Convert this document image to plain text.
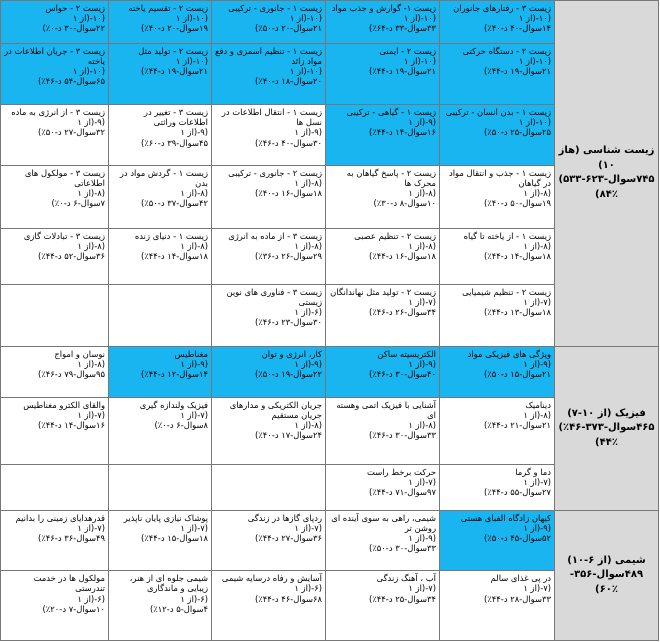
زیست شناسی (هاز ۱۰)
۷۴۵سوال-۶۲۳-۵۳۳)
۸۴٪)	زیست ۳ - رفتارهای جانوران
(۱۰-(از ۱
۱۴سوال-۴۰ د-۴۰٪)	زیست ۱- گوارش و جذب مواد
(۱۰-(از ۱
۳۳سوال-۳۳ د-۶۴٪)	زیست ۱ - جانوری - ترکیبی
(۱۰-(از ۱
۲۱سوال-۲۰ د-۵۰٪)	زیست ۲ - تقسیم یاخته
(۱۰-(از ۱
۱۹سوال-۲۰ د-۴۰٪)	زیست ۲ - حواس
(۱۰-(از ۱
۲۲سوال-۳۰ د-۰٪)

	زیست ۲ - دستگاه حرکتی
(۱۰-(از ۱
۲۱سوال-۱۹ د-۴۴٪)	زیست ۲ - ایمنی
(۱۰-(از ۱
۲۱سوال-۱۹ د-۴۴٪)	زیست ۱ - تنظیم اسمزی و دفع مواد زائد
(۱۰-(از ۱
۲۰سوال-۱۸ د-۴۰٪)	زیست ۲ - تولید مثل
(۱۰-(از ۱
۲۱سوال-۱۹ د-۴۴٪)	زیست ۳ - جریان اطلاعات در یاخته
(۱۰-(از ۱
۶۵سوال-۵۴ د-۴۶٪)

	زیست ۱ - بدن انسان - ترکیبی
(۱۰-(از ۱
۲۵سوال-۲۵ د-۵۰٪)	زیست ۱ - گیاهی - ترکیبی
(۹-(از ۱
۱۶سوال-۱۴ د-۴۴٪)	زیست ۱ - انتقال اطلاعات در نسل ها
(۹-(از ۱
۳۰سوال-۴۰ د-۴۶٪)	زیست ۳ - تغییر در اطلاعات وراثتی
(۹-(از ۱
۴۵سوال-۳۹ د-۶۰٪)	زیست ۳ - از انرژی به ماده
(۹-(از ۱
۳۲سوال-۲۷ د-۵۰٪)

	زیست ۱ - جذب و انتقال مواد در گیاهان
(۸-(از ۱
۱۹سوال-۵۰ د-۴۰٪)	زیست ۲ - پاسخ گیاهان به محرک ها
(۸-(از ۱
۱۰سوال-۸ د-۳۰٪)	زیست ۲ - جانوری - ترکیبی
(۸-(از ۱
۱۸سوال-۱۶ د-۴۰٪)	زیست ۱ - گردش مواد در بدن
(۸-(از ۱
۴۲سوال-۳۷ د-۵۰٪)	زیست ۳ - مولکول های اطلاعاتی
(۸-(از ۱
۷سوال-۶ د-۰٪)

	زیست ۱ - از یاخته تا گیاه
(۸-(از ۱
۱۸سوال-۱۴ د-۴۴٪)	زیست ۲ - تنظیم عصبی
(۸-(از ۱
۱۸سوال-۱۶ د-۴۴٪)	زیست ۳ - از ماده به انرژی
(۸-(از ۱
۲۹سوال-۲۶ د-۳۶٪)	زیست ۱ - دنیای زنده
(۸-(از ۱
۱۸سوال-۱۴ د-۴۴٪)	زیست ۳ - تبادلات گازی
(۸-(از ۱
۳۶سوال-۵۲ د-۴۴٪)

	زیست ۲ - تنظیم شیمیایی
(۷-(از ۱
۱۸سوال-۱۳ د-۴۴٪)	زیست ۲ - تولید مثل نهاندانگان
(۷-(از ۱
۳۴سوال-۲۶ د-۴۶٪)	زیست ۳ - فناوری های نوین زیستی
(۶-(از ۱
۳۰سوال-۲۳ د-۴۶٪)		

فیزیک (از ۱۰-۷)
۴۶۵سوال-۳۷۳-۴۶٪)
۴۴٪)	ویژگی های فیزیکی مواد
(۹-(از ۱
۲۱سوال-۱۵ د-۵۰٪)	الکتریسیته ساکن
(۹-(از ۱
۴۰سوال-۳۰ د-۴۶٪)	کار، انرژی و توان
(۹-(از ۱
۲۲سوال-۱۹ د-۵۰٪)	مغناطیس
(۹-(از ۱
۱۴سوال-۱۲ د-۴۴٪)	نوسان و امواج
(۸-(از ۱
۹۵سوال-۷۹ د-۴۶٪)

	دینامیک
(۸-(از ۱
۲۱سوال-۲۱ د-۴۴٪)	آشنایی با فیزیک اتمی وهسته ای
(۸-(از ۱
۳۳سوال-۳۰ د-۴۶٪)	جریان الکتریکی و مدارهای جریان مستقیم
(۸-(از ۱
۲۴سوال-۱۷ د-۴۰٪)	فیزیک ولندازه گیری
(۷-(از ۱
۸سوال-۶ د-۰٪)	والقای الکترو مغناطیس
(۷-(از ۱
۱۶سوال-۱۴ د-۴۴٪)

	دما و گرما
(۷-(از ۱
۲۷سوال-۵۵ د-۴۴٪)	حرکت برخط راست
(۷-(از ۱
۹۷سوال-۷۱ د-۴۴٪)			

شیمی (از ۶-۱۰)
۴۸۹سوال-۳۵۶-
۶۰٪)	کیهان زادگاه الفبای هستی
(۹-(از ۱
۵۲سوال-۴۵ د-۵۰٪)	شیمی، راهی به سوی آینده ای روشن تر
(۹-(از ۱
۳۳سوال-۳۰ د-۵۰٪)	ردپای گازها در زندگی
(۷-(از ۱
۳۶سوال-۲۷ د-۴۴٪)	پوشاک نیازی پایان ناپذیر
(۷-(از ۱
۱۸سوال-۱۵ د-۴۴٪)	قدرهدایای زمینی را بدانیم
(۷-(از ۱
۴۹سوال-۳۶ د-۴۶٪)

	در پی غذای سالم
(۷-(از ۱
۳۳سوال-۲۸ د-۴۴٪)	آب ، آهنگ زندگی
(۷-(از ۱
۳۴سوال-۲۵ د-۴۴٪)	آسایش و رفاه درسایه شیمی
(۶-(از ۱
۶۸سوال-۴۶ د-۴۴٪)	شیمی جلوه ای از هنر، زیبایی و ماندگاری
(۶-(از ۱
۴سوال-۵ د-۱۲٪)	مولکول ها در خدمت تندرستی
(۶-(از ۱
۱۰سوال-۷ د-۲۰٪)
